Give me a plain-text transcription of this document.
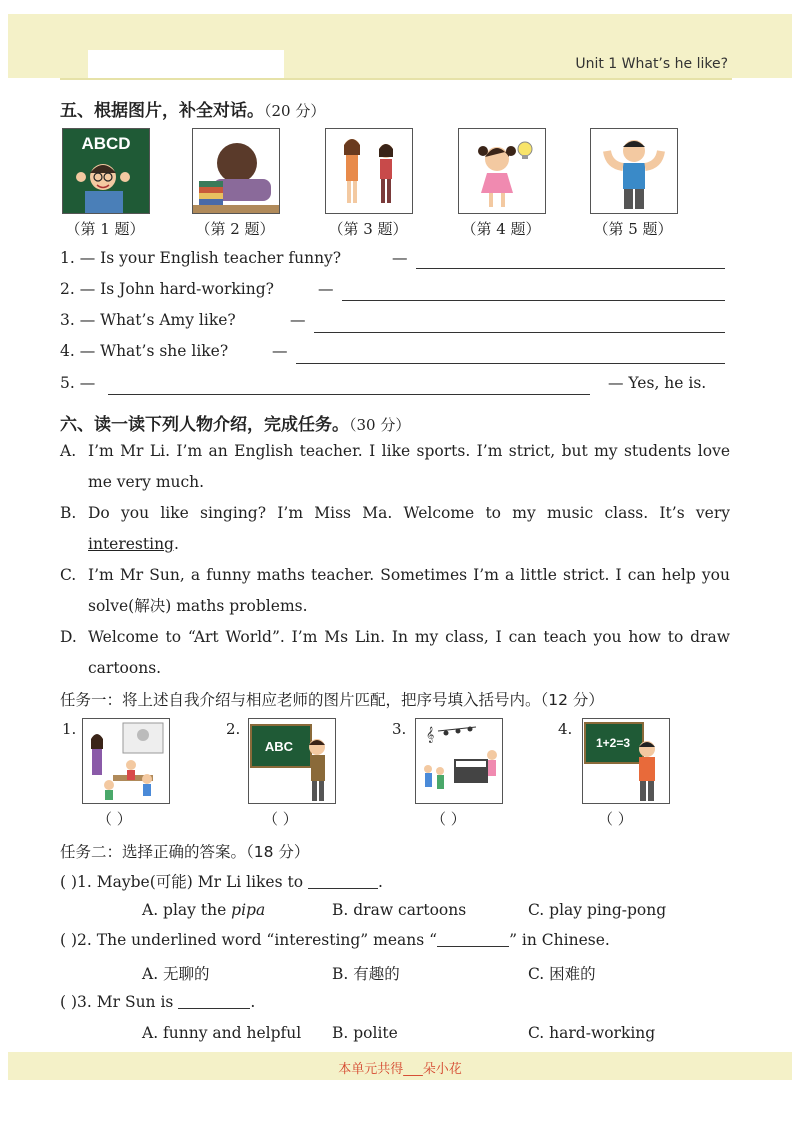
Unit 1 What’s he like?
五、根据图片，补全对话。（20 分）
ABCD
（第 1 题）	（第 2 题）	（第 3 题）	（第 4 题）	（第 5 题）
1. — Is your English teacher funny?	—
2. — Is John hard-working?	—
3. — What’s Amy like?	—
4. — What’s she like?	—
5. —	— Yes, he is.
六、读一读下列人物介绍，完成任务。（30 分）
A. I’m Mr Li. I’m an English teacher. I like sports. I’m strict, but my students love me very much.
B. Do you like singing? I’m Miss Ma. Welcome to my music class. It’s very interesting.
C. I’m Mr Sun, a funny maths teacher. Sometimes I’m a little strict. I can help you solve(解决) maths problems.
D. Welcome to “Art World”. I’m Ms Lin. In my class, I can teach you how to draw cartoons.
任务一：将上述自我介绍与相应老师的图片匹配，把序号填入括号内。（12 分）
1.
（ ）
2.
ABC
（ ）
3. 𝄞
（ ）
4.
1+2=3
（ ）
任务二：选择正确的答案。（18 分）
( )1. Maybe(可能) Mr Li likes to	.
A. play the pipa	B. draw cartoons	C. play ping-pong
( )2. The underlined word “interesting” means “	” in Chinese.
A. 无聊的	B. 有趣的	C. 困难的
( )3. Mr Sun is	.
A. funny and helpful B. polite	C. hard-working
本单元共得___朵小花
